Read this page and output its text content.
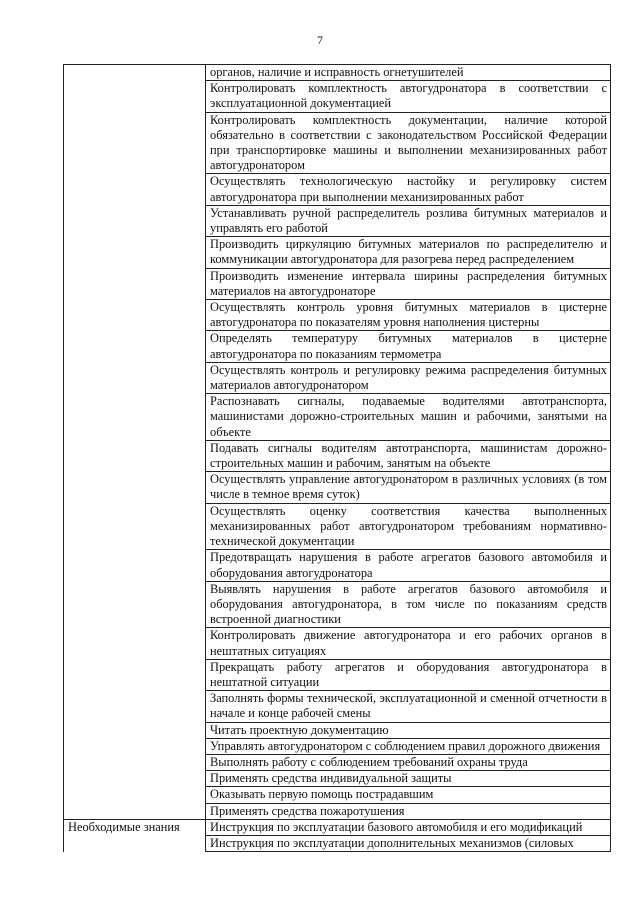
7
	органов, наличие и исправность огнетушителей
	Контролировать комплектность автогудронатора в соответствии с эксплуатационной документацией
	Контролировать комплектность документации, наличие которой обязательно в соответствии с законодательством Российской Федерации при транспортировке машины и выполнении механизированных работ автогудронатором
	Осуществлять технологическую настойку и регулировку систем автогудронатора при выполнении механизированных работ
	Устанавливать ручной распределитель розлива битумных материалов и управлять его работой
	Производить циркуляцию битумных материалов по распределителю и коммуникации автогудронатора для разогрева перед распределением
	Производить изменение интервала ширины распределения битумных материалов на автогудронаторе
	Осуществлять контроль уровня битумных материалов в цистерне автогудронатора по показателям уровня наполнения цистерны
	Определять температуру битумных материалов в цистерне автогудронатора по показаниям термометра
	Осуществлять контроль и регулировку режима распределения битумных материалов автогудронатором
	Распознавать сигналы, подаваемые водителями автотранспорта, машинистами дорожно-строительных машин и рабочими, занятыми на объекте
	Подавать сигналы водителям автотранспорта, машинистам дорожно-строительных машин и рабочим, занятым на объекте
	Осуществлять управление автогудронатором в различных условиях (в том числе в темное время суток)
	Осуществлять оценку соответствия качества выполненных механизированных работ автогудронатором требованиям нормативно-технической документации
	Предотвращать нарушения в работе агрегатов базового автомобиля и оборудования автогудронатора
	Выявлять нарушения в работе агрегатов базового автомобиля и оборудования автогудронатора, в том числе по показаниям средств встроенной диагностики
	Контролировать движение автогудронатора и его рабочих органов в нештатных ситуациях
	Прекращать работу агрегатов и оборудования автогудронатора в нештатной ситуации
	Заполнять формы технической, эксплуатационной и сменной отчетности в начале и конце рабочей смены
	Читать проектную документацию
	Управлять автогудронатором с соблюдением правил дорожного движения
	Выполнять работу с соблюдением требований охраны труда
	Применять средства индивидуальной защиты
	Оказывать первую помощь пострадавшим
	Применять средства пожаротушения
Необходимые знания	Инструкция по эксплуатации базового автомобиля и его модификаций
	Инструкция по эксплуатации дополнительных механизмов (силовых
